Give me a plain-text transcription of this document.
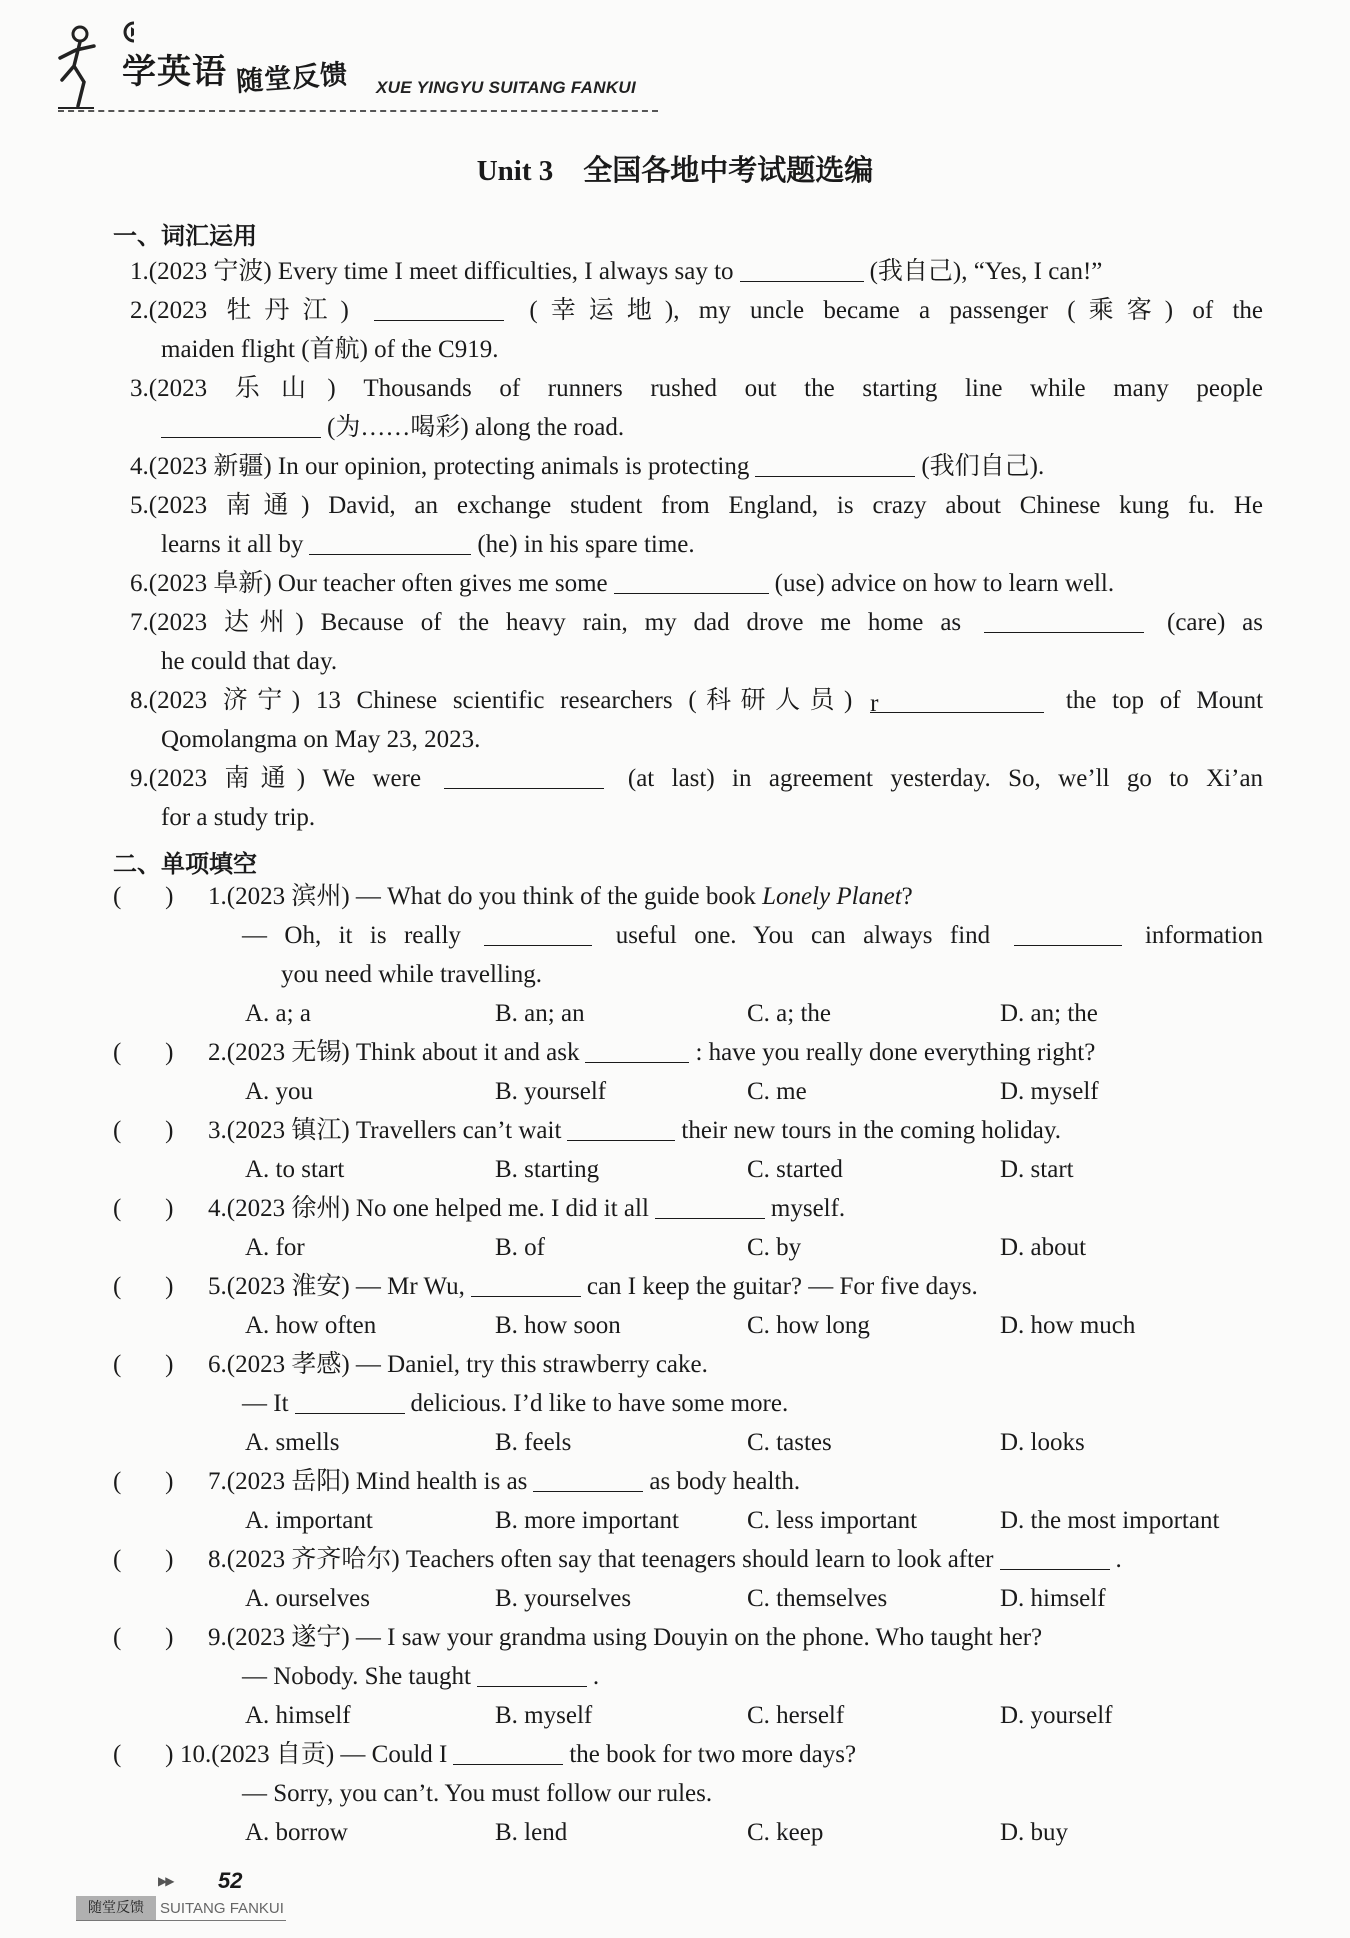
学英语 随堂反馈 XUE YINGYU SUITANG FANKUI
Unit 3 全国各地中考试题选编
一、词汇运用
1.(2023 宁波) Every time I meet difficulties, I always say to	(我自己), “Yes, I can!”
2.(2023 牡丹江)	(幸运地), my uncle became a passenger (乘客) of the
maiden flight (首航) of the C919.
3.(2023 乐山) Thousands of runners rushed out the starting line while many people
(为……喝彩) along the road.
4.(2023 新疆) In our opinion, protecting animals is protecting	(我们自己).
5.(2023 南通) David, an exchange student from England, is crazy about Chinese kung fu. He
learns it all by	(he) in his spare time.
6.(2023 阜新) Our teacher often gives me some	(use) advice on how to learn well.
7.(2023 达州) Because of the heavy rain, my dad drove me home as	(care) as
he could that day.
8.(2023 济宁) 13 Chinese scientific researchers (科研人员) r	the top of Mount
Qomolangma on May 23, 2023.
9.(2023 南通) We were	(at last) in agreement yesterday. So, we’ll go to Xi’an
for a study trip.
二、单项填空
(       ) 1.(2023 滨州) — What do you think of the guide book Lonely Planet?
— Oh, it is really	useful one. You can always find	information
you need while travelling.
A. a; a	B. an; an	C. a; the	D. an; the
(       ) 2.(2023 无锡) Think about it and ask	: have you really done everything right?
A. you	B. yourself	C. me	D. myself
(       ) 3.(2023 镇江) Travellers can’t wait	their new tours in the coming holiday.
A. to start	B. starting	C. started	D. start
(       ) 4.(2023 徐州) No one helped me. I did it all	myself.
A. for	B. of	C. by	D. about
(       ) 5.(2023 淮安) — Mr Wu,	can I keep the guitar? — For five days.
A. how often	B. how soon	C. how long	D. how much
(       ) 6.(2023 孝感) — Daniel, try this strawberry cake.
— It	delicious. I’d like to have some more.
A. smells	B. feels	C. tastes	D. looks
(       ) 7.(2023 岳阳) Mind health is as	as body health.
A. important	B. more important	C. less important	D. the most important
(       ) 8.(2023 齐齐哈尔) Teachers often say that teenagers should learn to look after	.
A. ourselves	B. yourselves	C. themselves	D. himself
(       ) 9.(2023 遂宁) — I saw your grandma using Douyin on the phone. Who taught her?
— Nobody. She taught	.
A. himself	B. myself	C. herself	D. yourself
(       ) 10.(2023 自贡) — Could I	the book for two more days?
— Sorry, you can’t. You must follow our rules.
A. borrow	B. lend	C. keep	D. buy
▶▶ 52
随堂反馈	SUITANG FANKUI
